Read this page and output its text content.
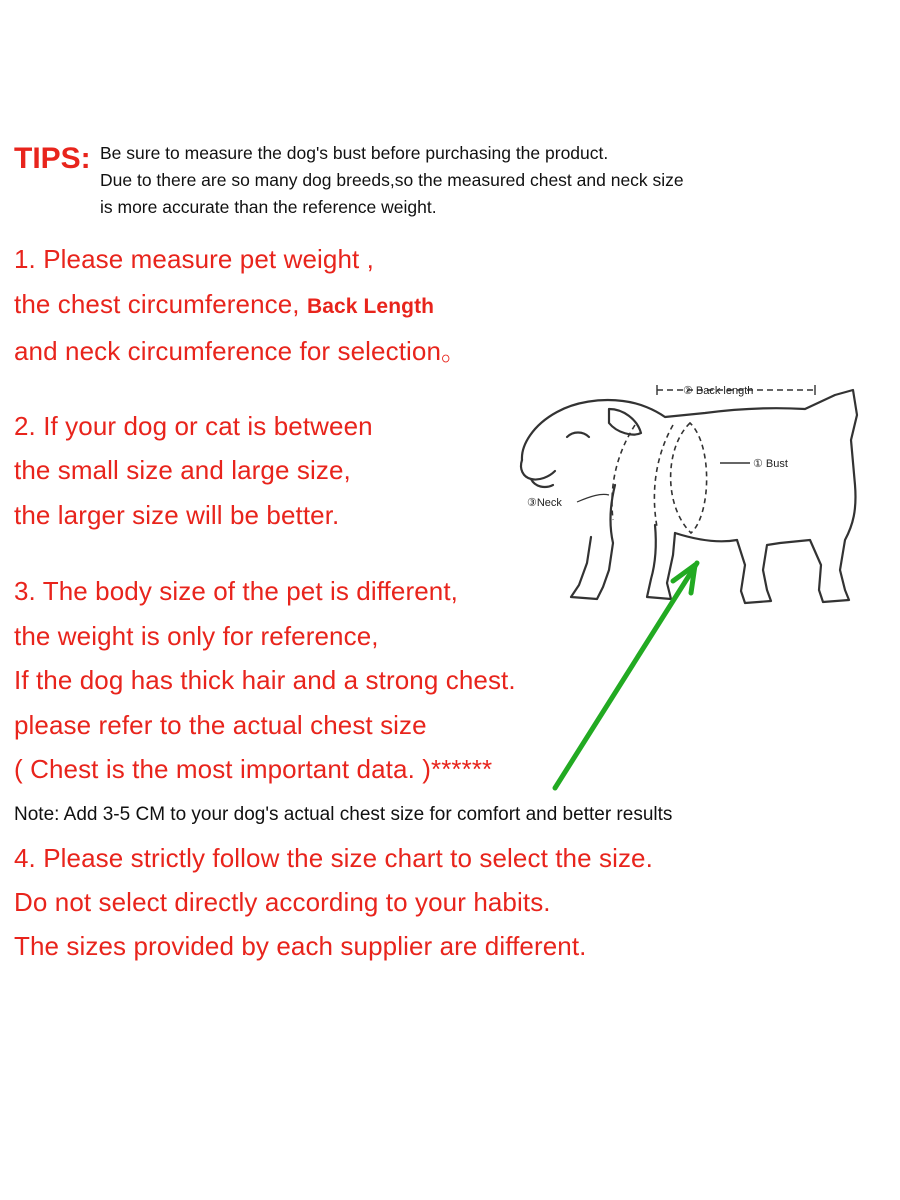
TIPS: Be sure to measure the dog's bust before purchasing the product.
Due to there are so many dog breeds,so the measured chest and neck size
is more accurate than the reference weight.
1. Please measure pet weight ,
the chest circumference, Back Length
and neck circumference for selection。
2. If your dog or cat is between
the small size and large size,
the larger size will be better.
3. The body size of the pet is different,
the weight is only for reference,
If the dog has thick hair and a strong chest.
please refer to the actual chest size
( Chest is the most important data. )******
Note: Add 3-5 CM to your dog's actual chest size for comfort and better results
4. Please strictly follow the size chart to select the size.
Do not select directly according to your habits.
The sizes provided by each supplier are different.
② Back length
① Bust
③Neck
